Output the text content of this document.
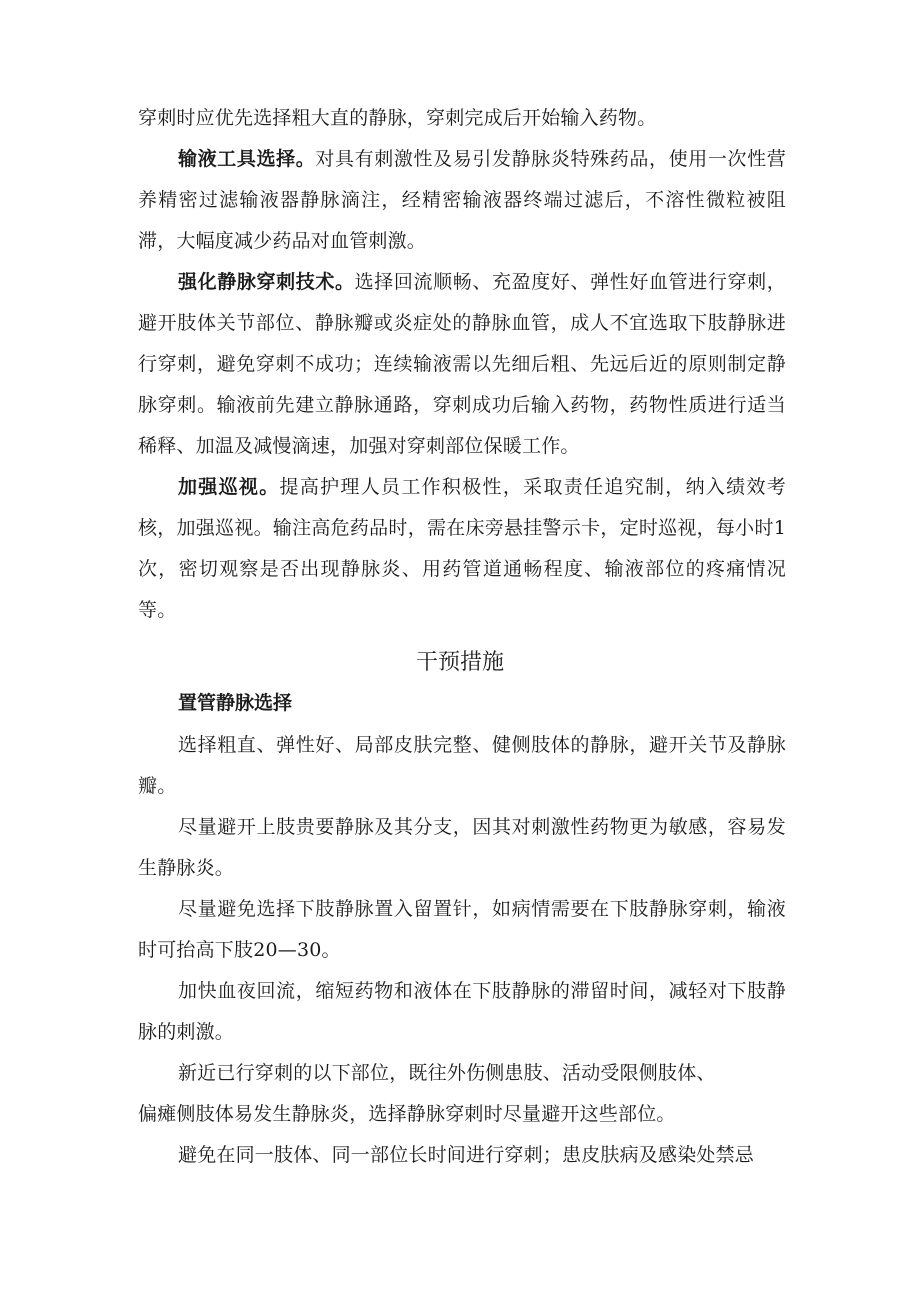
穿刺时应优先选择粗大直的静脉，穿刺完成后开始输入药物。

输液工具选择。对具有刺激性及易引发静脉炎特殊药品，使用一次性营养精密过滤输液器静脉滴注，经精密输液器终端过滤后，不溶性微粒被阻滞，大幅度减少药品对血管刺激。

强化静脉穿刺技术。选择回流顺畅、充盈度好、弹性好血管进行穿刺，避开肢体关节部位、静脉瓣或炎症处的静脉血管，成人不宜选取下肢静脉进行穿刺，避免穿刺不成功；连续输液需以先细后粗、先远后近的原则制定静脉穿刺。输液前先建立静脉通路，穿刺成功后输入药物，药物性质进行适当稀释、加温及减慢滴速，加强对穿刺部位保暖工作。

加强巡视。提高护理人员工作积极性，采取责任追究制，纳入绩效考核，加强巡视。输注高危药品时，需在床旁悬挂警示卡，定时巡视，每小时1次，密切观察是否出现静脉炎、用药管道通畅程度、输液部位的疼痛情况等。

干预措施
置管静脉选择

选择粗直、弹性好、局部皮肤完整、健侧肢体的静脉，避开关节及静脉瓣。

尽量避开上肢贵要静脉及其分支，因其对刺激性药物更为敏感，容易发生静脉炎。

尽量避免选择下肢静脉置入留置针，如病情需要在下肢静脉穿刺，输液时可抬高下肢20—30。

加快血夜回流，缩短药物和液体在下肢静脉的滞留时间，减轻对下肢静脉的刺激。

新近已行穿刺的以下部位，既往外伤侧患肢、活动受限侧肢体、
偏瘫侧肢体易发生静脉炎，选择静脉穿刺时尽量避开这些部位。

避免在同一肢体、同一部位长时间进行穿刺；患皮肤病及感染处禁忌
